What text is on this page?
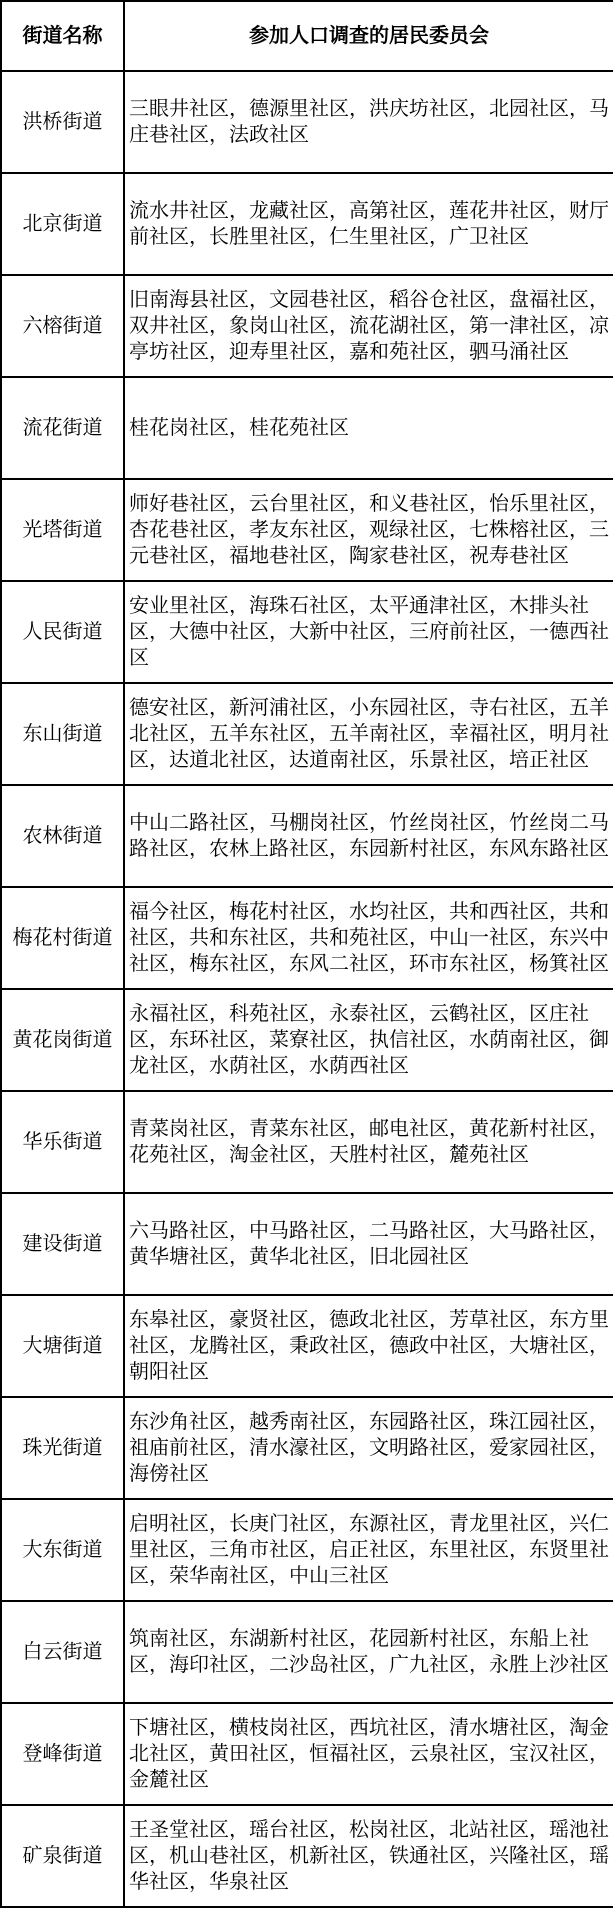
街道名称	参加人口调查的居民委员会
洪桥街道	三眼井社区，德源里社区，洪庆坊社区，北园社区，马庄巷社区，法政社区
北京街道	流水井社区，龙藏社区，高第社区，莲花井社区，财厅前社区，长胜里社区，仁生里社区，广卫社区
六榕街道	旧南海县社区，文园巷社区，稻谷仓社区，盘福社区，双井社区，象岗山社区，流花湖社区，第一津社区，凉亭坊社区，迎寿里社区，嘉和苑社区，驷马涌社区
流花街道	桂花岗社区，桂花苑社区
光塔街道	师好巷社区，云台里社区，和义巷社区，怡乐里社区，杏花巷社区，孝友东社区，观绿社区，七株榕社区，三元巷社区，福地巷社区，陶家巷社区，祝寿巷社区
人民街道	安业里社区，海珠石社区，太平通津社区，木排头社区，大德中社区，大新中社区，三府前社区，一德西社区
东山街道	德安社区，新河浦社区，小东园社区，寺右社区，五羊北社区，五羊东社区，五羊南社区，幸福社区，明月社区，达道北社区，达道南社区，乐景社区，培正社区
农林街道	中山二路社区，马棚岗社区，竹丝岗社区，竹丝岗二马路社区，农林上路社区，东园新村社区，东风东路社区
梅花村街道	福今社区，梅花村社区，水均社区，共和西社区，共和社区，共和东社区，共和苑社区，中山一社区，东兴中社区，梅东社区，东风二社区，环市东社区，杨箕社区
黄花岗街道	永福社区，科苑社区，永泰社区，云鹤社区，区庄社区，东环社区，菜寮社区，执信社区，水荫南社区，御龙社区，水荫社区，水荫西社区
华乐街道	青菜岗社区，青菜东社区，邮电社区，黄花新村社区，花苑社区，淘金社区，天胜村社区，麓苑社区
建设街道	六马路社区，中马路社区，二马路社区，大马路社区，黄华塘社区，黄华北社区，旧北园社区
大塘街道	东皋社区，豪贤社区，德政北社区，芳草社区，东方里社区，龙腾社区，秉政社区，德政中社区，大塘社区，朝阳社区
珠光街道	东沙角社区，越秀南社区，东园路社区，珠江园社区，祖庙前社区，清水濠社区，文明路社区，爱家园社区，海傍社区
大东街道	启明社区，长庚门社区，东源社区，青龙里社区，兴仁里社区，三角市社区，启正社区，东里社区，东贤里社区，荣华南社区，中山三社区
白云街道	筑南社区，东湖新村社区，花园新村社区，东船上社区，海印社区，二沙岛社区，广九社区，永胜上沙社区
登峰街道	下塘社区，横枝岗社区，西坑社区，清水塘社区，淘金北社区，黄田社区，恒福社区，云泉社区，宝汉社区，金麓社区
矿泉街道	王圣堂社区，瑶台社区，松岗社区，北站社区，瑶池社区，机山巷社区，机新社区，铁通社区，兴隆社区，瑶华社区，华泉社区
